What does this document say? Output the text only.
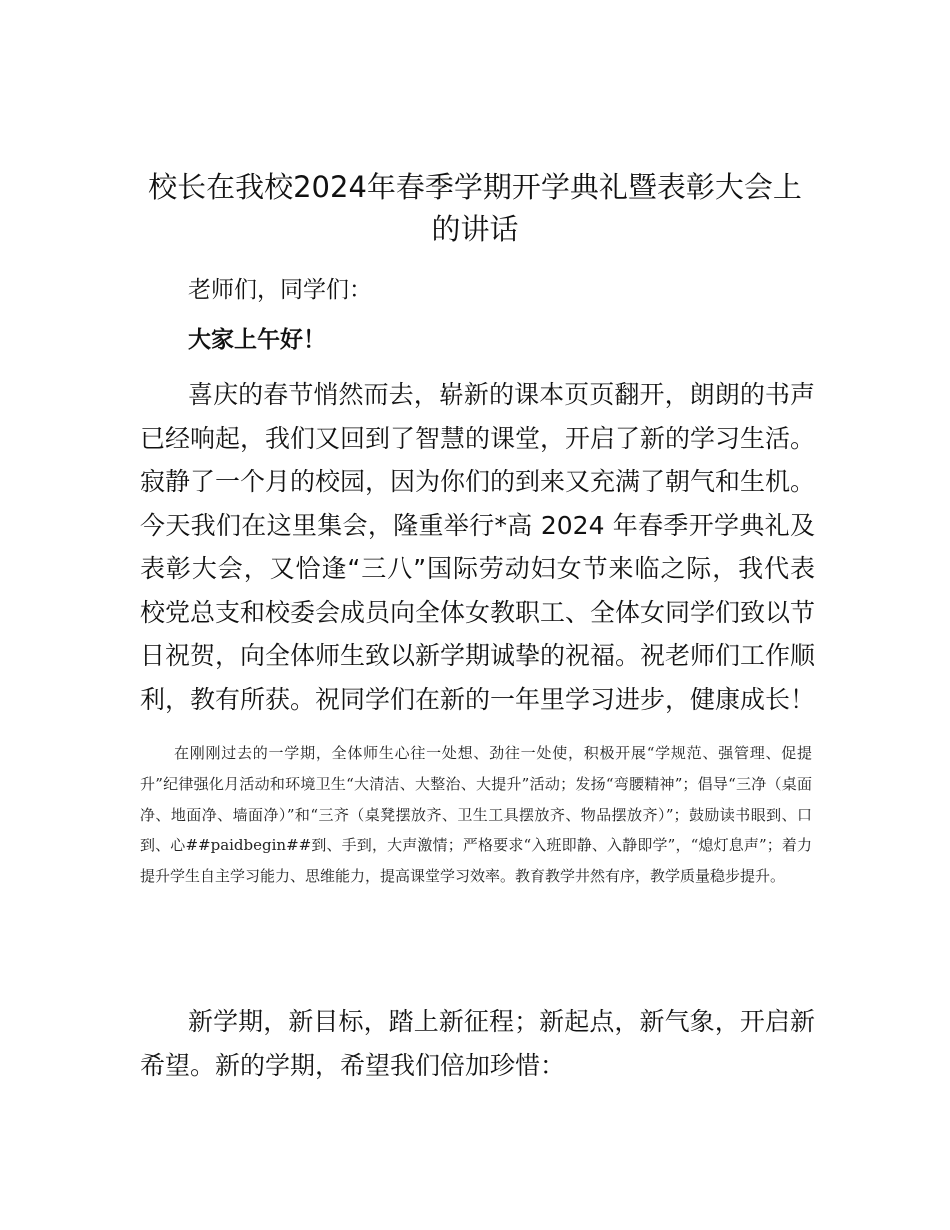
校长在我校2024年春季学期开学典礼暨表彰大会上的讲话

老师们，同学们：

大家上午好！

喜庆的春节悄然而去，崭新的课本页页翻开，朗朗的书声已经响起，我们又回到了智慧的课堂，开启了新的学习生活。寂静了一个月的校园，因为你们的到来又充满了朝气和生机。今天我们在这里集会，隆重举行*高 2024 年春季开学典礼及表彰大会，又恰逢“三八”国际劳动妇女节来临之际，我代表校党总支和校委会成员向全体女教职工、全体女同学们致以节日祝贺，向全体师生致以新学期诚挚的祝福。祝老师们工作顺利，教有所获。祝同学们在新的一年里学习进步，健康成长！

在刚刚过去的一学期，全体师生心往一处想、劲往一处使，积极开展“学规范、强管理、促提升”纪律强化月活动和环境卫生“大清洁、大整治、大提升”活动；发扬“弯腰精神”；倡导“三净（桌面净、地面净、墙面净）”和“三齐（桌凳摆放齐、卫生工具摆放齐、物品摆放齐）”；鼓励读书眼到、口到、心##paidbegin##到、手到，大声激情；严格要求“入班即静、入静即学”，“熄灯息声”；着力提升学生自主学习能力、思维能力，提高课堂学习效率。教育教学井然有序，教学质量稳步提升。

新学期，新目标，踏上新征程；新起点，新气象，开启新希望。新的学期，希望我们倍加珍惜：
